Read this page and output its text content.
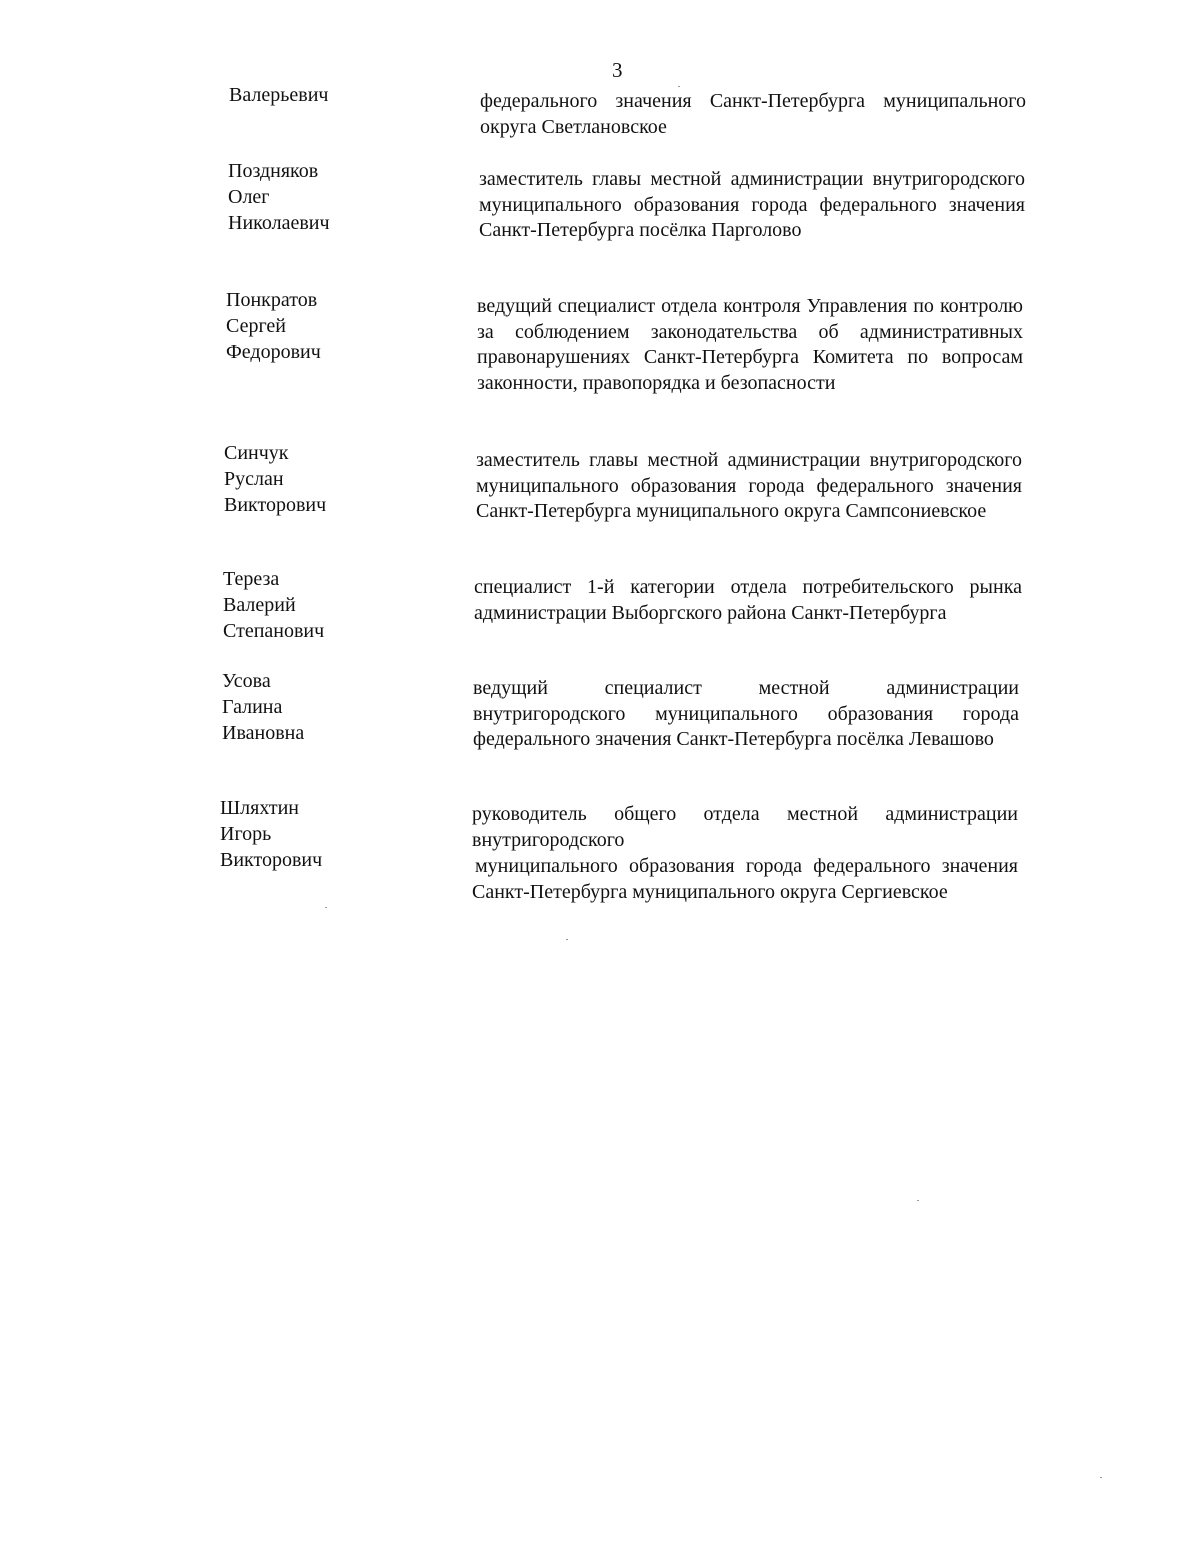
3
Валерьевич	федерального значения Санкт-Петербурга муниципального округа Светлановское

Поздняков
Олег
Николаевич

заместитель главы местной администрации внутригородского муниципального образования города федерального значения Санкт-Петербурга посёлка Парголово

Понкратов
Сергей
Федорович

ведущий специалист отдела контроля Управления по контролю за соблюдением законодательства об административных правонарушениях Санкт-Петербурга Комитета по вопросам законности, правопорядка и безопасности

Синчук
Руслан
Викторович

заместитель главы местной администрации внутригородского муниципального образования города федерального значения Санкт-Петербурга муниципального округа Сампсониевское

Тереза
Валерий
Степанович

специалист 1-й категории отдела потребительского рынка администрации Выборгского района Санкт-Петербурга

Усова
Галина
Ивановна

ведущий специалист местной администрации внутригородского муниципального образования города федерального значения Санкт-Петербурга посёлка Левашово

Шляхтин
Игорь
Викторович

руководитель общего отдела местной администрации внутригородского

муниципального образования города федерального значения Санкт-Петербурга муниципального округа Сергиевское
